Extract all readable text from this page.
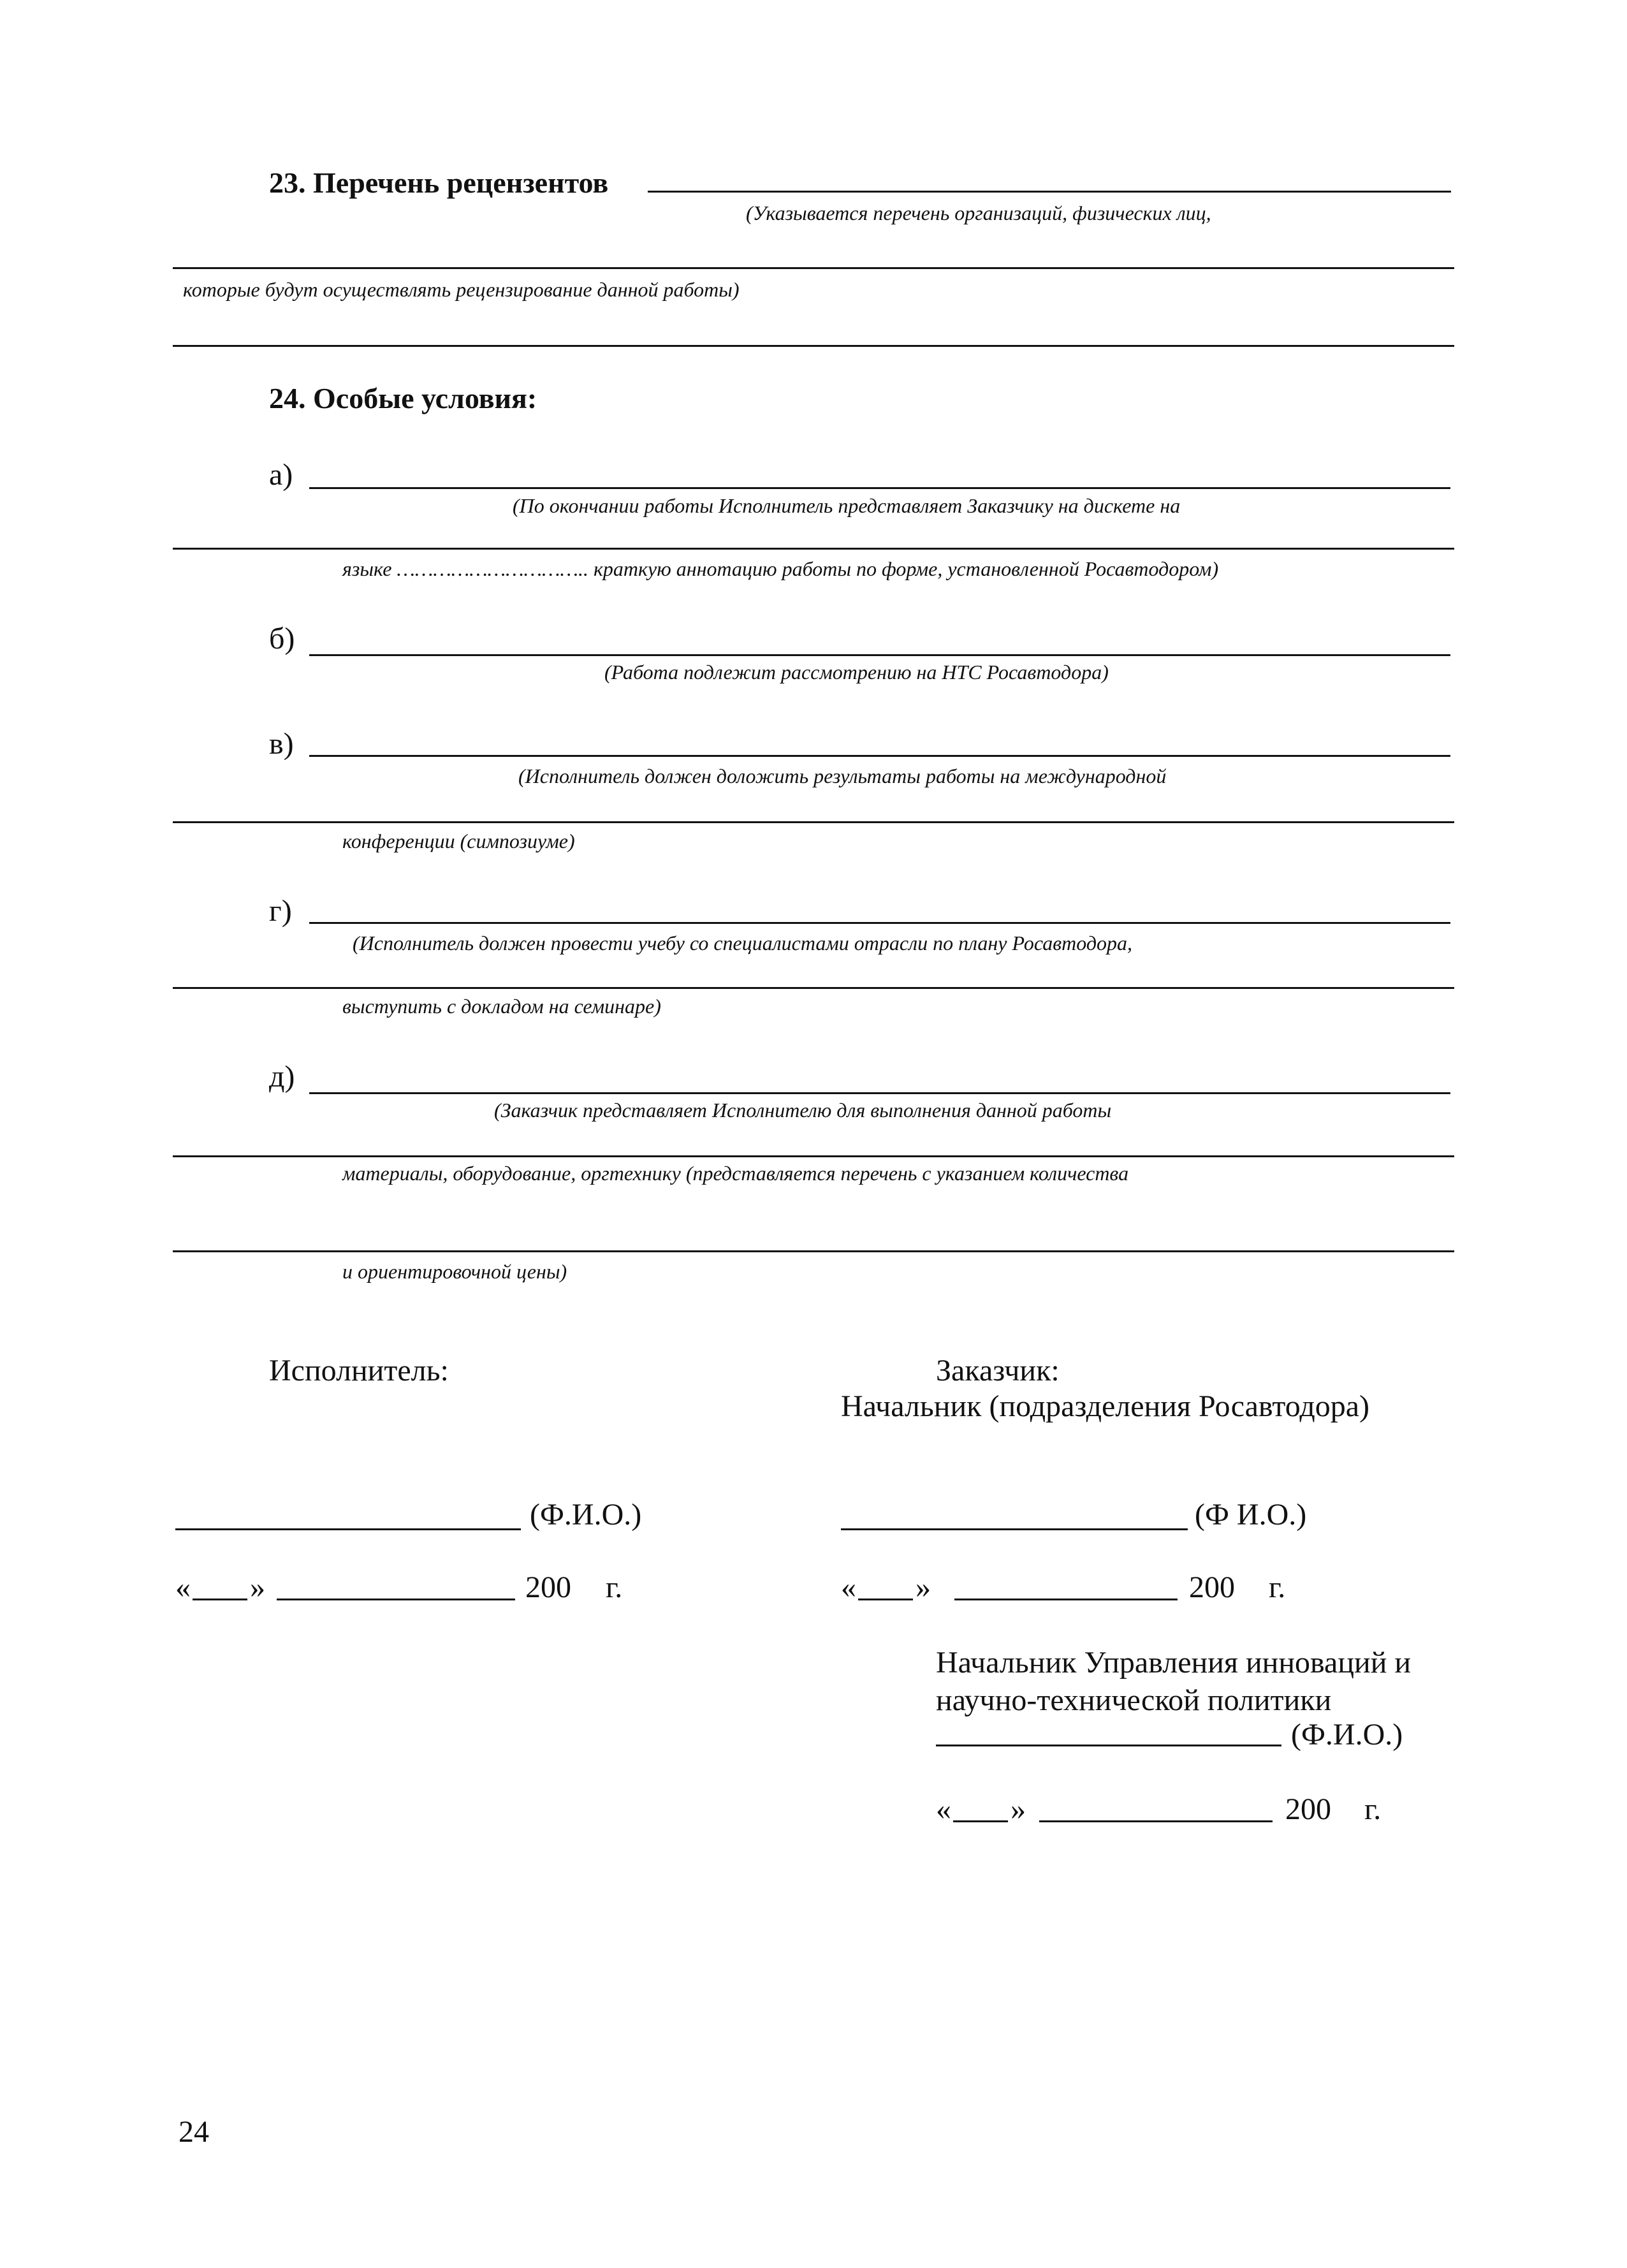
23. Перечень рецензентов
(Указывается перечень организаций, физических лиц,
которые будут осуществлять рецензирование данной работы)
24. Особые условия:
а)
(По окончании работы Исполнитель представляет Заказчику на дискете на
языке ………………………….. краткую аннотацию работы по форме, установленной Росавтодором)
б)
(Работа подлежит рассмотрению на НТС Росавтодора)
в)
(Исполнитель должен доложить результаты работы на международной
конференции (симпозиуме)
г)
(Исполнитель должен провести учебу со специалистами отрасли по плану Росавтодора,
выступить с докладом на семинаре)
д)
(Заказчик представляет Исполнителю для выполнения данной работы
материалы, оборудование, оргтехнику (представляется перечень с указанием количества
и ориентировочной цены)
Исполнитель:	Заказчик:
Начальник (подразделения Росавтодора)
(Ф.И.О.)	(Ф И.О.)
« »	200 г.	« »	200 г.
Начальник Управления инноваций и
научно-технической политики
(Ф.И.О.)
« »	200 г.
24
